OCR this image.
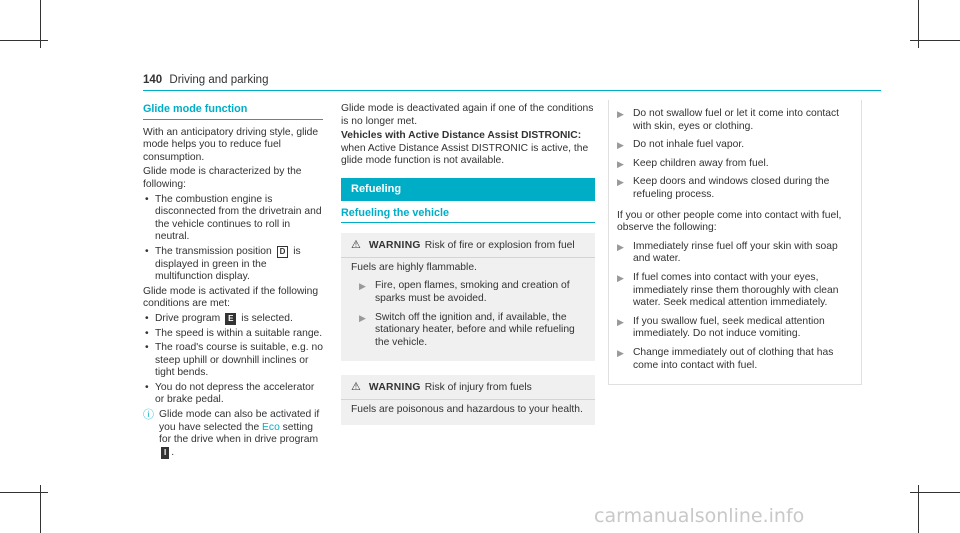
140 Driving and parking
Glide mode function

With an anticipatory driving style, glide mode helps you to reduce fuel consumption.

Glide mode is characterized by the following:

• The combustion engine is disconnected from the drivetrain and the vehicle continues to roll in neutral.
• The transmission position D is displayed in green in the multifunction display.

Glide mode is activated if the following conditions are met:

• Drive program E is selected.
• The speed is within a suitable range.
• The road's course is suitable, e.g. no steep uphill or downhill inclines or tight bends.
• You do not depress the accelerator or brake pedal.
ⓘ Glide mode can also be activated if you have selected the Eco setting for the drive when in drive program I .

Glide mode is deactivated again if one of the conditions is no longer met.

Vehicles with Active Distance Assist DISTRONIC: when Active Distance Assist DISTRONIC is active, the glide mode function is not available.

Refueling
Refueling the vehicle
⚠ WARNING Risk of fire or explosion from fuel

Fuels are highly flammable.

▶ Fire, open flames, smoking and creation of sparks must be avoided.
▶ Switch off the ignition and, if available, the stationary heater, before and while refueling the vehicle.
⚠ WARNING Risk of injury from fuels

Fuels are poisonous and hazardous to your health.

▶ Do not swallow fuel or let it come into contact with skin, eyes or clothing.
▶ Do not inhale fuel vapor.
▶ Keep children away from fuel.
▶ Keep doors and windows closed during the refueling process.

If you or other people come into contact with fuel, observe the following:

▶ Immediately rinse fuel off your skin with soap and water.
▶ If fuel comes into contact with your eyes, immediately rinse them thoroughly with clean water. Seek medical attention immediately.
▶ If you swallow fuel, seek medical attention immediately. Do not induce vomiting.
▶ Change immediately out of clothing that has come into contact with fuel.
carmanualsonline.info
